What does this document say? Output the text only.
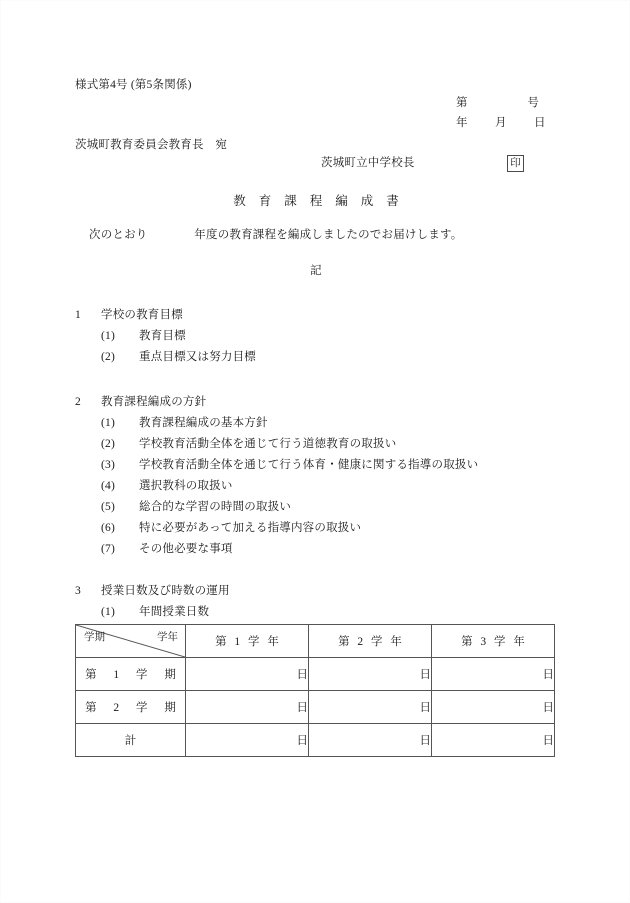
様式第4号 (第5条関係)
第　　　　　号
年　　 月　　 日
茨城町教育委員会教育長　宛
茨城町立中学校長	印
教育課程編成書
次のとおり　　　　年度の教育課程を編成しましたのでお届けします。
記
1 学校の教育目標
(1) 教育目標
(2) 重点目標又は努力目標
2 教育課程編成の方針
(1) 教育課程編成の基本方針
(2) 学校教育活動全体を通じて行う道徳教育の取扱い
(3) 学校教育活動全体を通じて行う体育・健康に関する指導の取扱い
(4) 選択教科の取扱い
(5) 総合的な学習の時間の取扱い
(6) 特に必要があって加える指導内容の取扱い
(7) その他必要な事項
3 授業日数及び時数の運用
(1) 年間授業日数
学期 学年	第 1 学 年	第 2 学 年	第 3 学 年
第 1 学 期	日	日	日
第 2 学 期	日	日	日
計	日	日	日
